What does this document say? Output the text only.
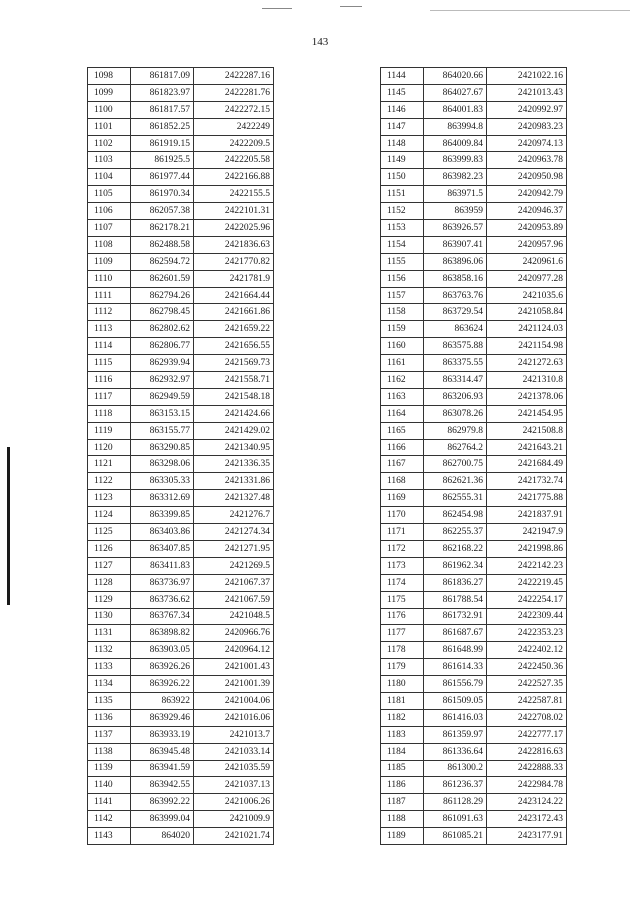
143
1098	861817.09	2422287.16
1099	861823.97	2422281.76
1100	861817.57	2422272.15
1101	861852.25	2422249
1102	861919.15	2422209.5
1103	861925.5	2422205.58
1104	861977.44	2422166.88
1105	861970.34	2422155.5
1106	862057.38	2422101.31
1107	862178.21	2422025.96
1108	862488.58	2421836.63
1109	862594.72	2421770.82
1110	862601.59	2421781.9
1111	862794.26	2421664.44
1112	862798.45	2421661.86
1113	862802.62	2421659.22
1114	862806.77	2421656.55
1115	862939.94	2421569.73
1116	862932.97	2421558.71
1117	862949.59	2421548.18
1118	863153.15	2421424.66
1119	863155.77	2421429.02
1120	863290.85	2421340.95
1121	863298.06	2421336.35
1122	863305.33	2421331.86
1123	863312.69	2421327.48
1124	863399.85	2421276.7
1125	863403.86	2421274.34
1126	863407.85	2421271.95
1127	863411.83	2421269.5
1128	863736.97	2421067.37
1129	863736.62	2421067.59
1130	863767.34	2421048.5
1131	863898.82	2420966.76
1132	863903.05	2420964.12
1133	863926.26	2421001.43
1134	863926.22	2421001.39
1135	863922	2421004.06
1136	863929.46	2421016.06
1137	863933.19	2421013.7
1138	863945.48	2421033.14
1139	863941.59	2421035.59
1140	863942.55	2421037.13
1141	863992.22	2421006.26
1142	863999.04	2421009.9
1143	864020	2421021.74
1144	864020.66	2421022.16
1145	864027.67	2421013.43
1146	864001.83	2420992.97
1147	863994.8	2420983.23
1148	864009.84	2420974.13
1149	863999.83	2420963.78
1150	863982.23	2420950.98
1151	863971.5	2420942.79
1152	863959	2420946.37
1153	863926.57	2420953.89
1154	863907.41	2420957.96
1155	863896.06	2420961.6
1156	863858.16	2420977.28
1157	863763.76	2421035.6
1158	863729.54	2421058.84
1159	863624	2421124.03
1160	863575.88	2421154.98
1161	863375.55	2421272.63
1162	863314.47	2421310.8
1163	863206.93	2421378.06
1164	863078.26	2421454.95
1165	862979.8	2421508.8
1166	862764.2	2421643.21
1167	862700.75	2421684.49
1168	862621.36	2421732.74
1169	862555.31	2421775.88
1170	862454.98	2421837.91
1171	862255.37	2421947.9
1172	862168.22	2421998.86
1173	861962.34	2422142.23
1174	861836.27	2422219.45
1175	861788.54	2422254.17
1176	861732.91	2422309.44
1177	861687.67	2422353.23
1178	861648.99	2422402.12
1179	861614.33	2422450.36
1180	861556.79	2422527.35
1181	861509.05	2422587.81
1182	861416.03	2422708.02
1183	861359.97	2422777.17
1184	861336.64	2422816.63
1185	861300.2	2422888.33
1186	861236.37	2422984.78
1187	861128.29	2423124.22
1188	861091.63	2423172.43
1189	861085.21	2423177.91
